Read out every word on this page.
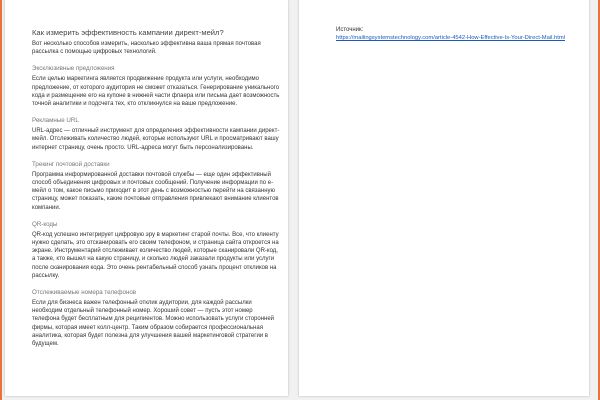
Как измерить эффективность кампании директ-мейл?

Вот несколько способов измерить, насколько эффективна ваша прямая почтовая рассылка с помощью цифровых технологий.

Эксклюзивные предложения

Если целью маркетинга является продвижение продукта или услуги, необходимо предложение, от которого аудитория не сможет отказаться. Генерирование уникального кода и размещение его на купоне в нижней части флаера или письма дает возможность точной аналитики и подсчета тех, кто откликнулся на ваше предложение.

Рекламные URL

URL-адрес — отличный инструмент для определения эффективности кампании директ-мейл. Отслеживать количество людей, которые используют URL и просматривают вашу интернет страницу, очень просто. URL-адреса могут быть персонализированы.

Трекинг почтовой доставки

Программа информированной доставки почтовой службы — еще один эффективный способ объединения цифровых и почтовых сообщений. Получение информации по e-мейл о том, какое письмо приходит в этот день с возможностью перейти на связанную страницу, может показать, какие почтовые отправления привлекают внимание клиентов компании.

QR-коды

QR-код успешно интегрирует цифровую эру в маркетинг старой почты. Все, что клиенту нужно сделать, это отсканировать его своим телефоном, и страница сайта откроется на экране. Инструментарий отслеживает количество людей, которые сканировали QR-код, а также, кто вышел на какую страницу, и сколько людей заказали продукты или услуги после сканирования кода. Это очень рентабельный способ узнать процент откликов на рассылку.

Отслеживаемые номера телефонов

Если для бизнеса важен телефонный отклик аудитории, для каждой рассылки необходим отдельный телефонный номер. Хороший совет — пусть этот номер телефона будет бесплатным для реципиентов. Можно использовать услуги сторонней фирмы, которая имеет колл-центр. Таким образом собирается профессиональная аналитика, которая будет полезна для улучшения вашей маркетинговой стратегии в будущем.

Источник:
https://mailingsystemstechnology.com/article-4542-How-Effective-Is-Your-Direct-Mail.html
